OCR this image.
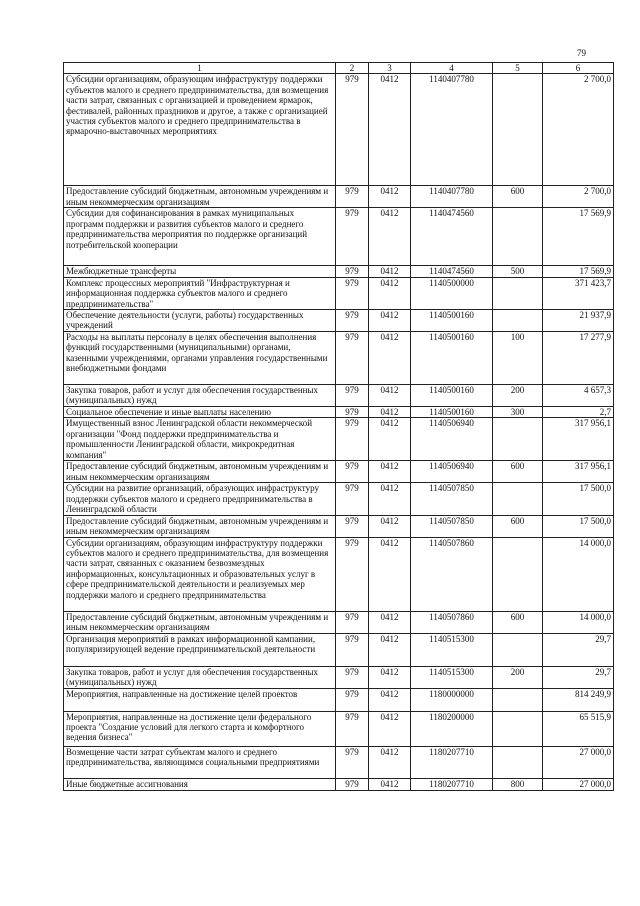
79
1	2	3	4	5	6
Субсидии организациям, образующим инфраструктуру поддержки субъектов малого и среднего предпринимательства, для возмещения части затрат, связанных с организацией и проведением ярмарок, фестивалей, районных праздников и другое, а также с организацией участия субъектов малого и среднего предпринимательства в ярмарочно-выставочных мероприятиях	979	0412	1140407780		2 700,0
Предоставление субсидий бюджетным, автономным учреждениям и иным некоммерческим организациям	979	0412	1140407780	600	2 700,0
Субсидии для софинансирования в рамках муниципальных программ поддержки и развития субъектов малого и среднего предпринимательства мероприятия по поддержке организаций потребительской кооперации	979	0412	1140474560		17 569,9
Межбюджетные трансферты	979	0412	1140474560	500	17 569,9
Комплекс процессных мероприятий "Инфраструктурная и информационная поддержка субъектов малого и среднего предпринимательства"	979	0412	1140500000		371 423,7
Обеспечение деятельности (услуги, работы) государственных учреждений	979	0412	1140500160		21 937,9
Расходы на выплаты персоналу в целях обеспечения выполнения функций государственными (муниципальными) органами, казенными учреждениями, органами управления государственными внебюджетными фондами	979	0412	1140500160	100	17 277,9
Закупка товаров, работ и услуг для обеспечения государственных (муниципальных) нужд	979	0412	1140500160	200	4 657,3
Социальное обеспечение и иные выплаты населению	979	0412	1140500160	300	2,7
Имущественный взнос Ленинградской области некоммерческой организации "Фонд поддержки предпринимательства и промышленности Ленинградской области, микрокредитная компания"	979	0412	1140506940		317 956,1
Предоставление субсидий бюджетным, автономным учреждениям и иным некоммерческим организациям	979	0412	1140506940	600	317 956,1
Субсидии на развитие организаций, образующих инфраструктуру поддержки субъектов малого и среднего предпринимательства в Ленинградской области	979	0412	1140507850		17 500,0
Предоставление субсидий бюджетным, автономным учреждениям и иным некоммерческим организациям	979	0412	1140507850	600	17 500,0
Субсидии организациям, образующим инфраструктуру поддержки субъектов малого и среднего предпринимательства, для возмещения части затрат, связанных с оказанием безвозмездных информационных, консультационных и образовательных услуг в сфере предпринимательской деятельности и реализуемых мер поддержки малого и среднего предпринимательства	979	0412	1140507860		14 000,0
Предоставление субсидий бюджетным, автономным учреждениям и иным некоммерческим организациям	979	0412	1140507860	600	14 000,0
Организация мероприятий в рамках информационной кампании, популяризирующей ведение предпринимательской деятельности	979	0412	1140515300		29,7
Закупка товаров, работ и услуг для обеспечения государственных (муниципальных) нужд	979	0412	1140515300	200	29,7
Мероприятия, направленные на достижение целей проектов	979	0412	1180000000		814 249,9
Мероприятия, направленные на достижение цели федерального проекта "Создание условий для легкого старта и комфортного ведения бизнеса"	979	0412	1180200000		65 515,9
Возмещение части затрат субъектам малого и среднего предпринимательства, являющимся социальными предприятиями	979	0412	1180207710		27 000,0
Иные бюджетные ассигнования	979	0412	1180207710	800	27 000,0
